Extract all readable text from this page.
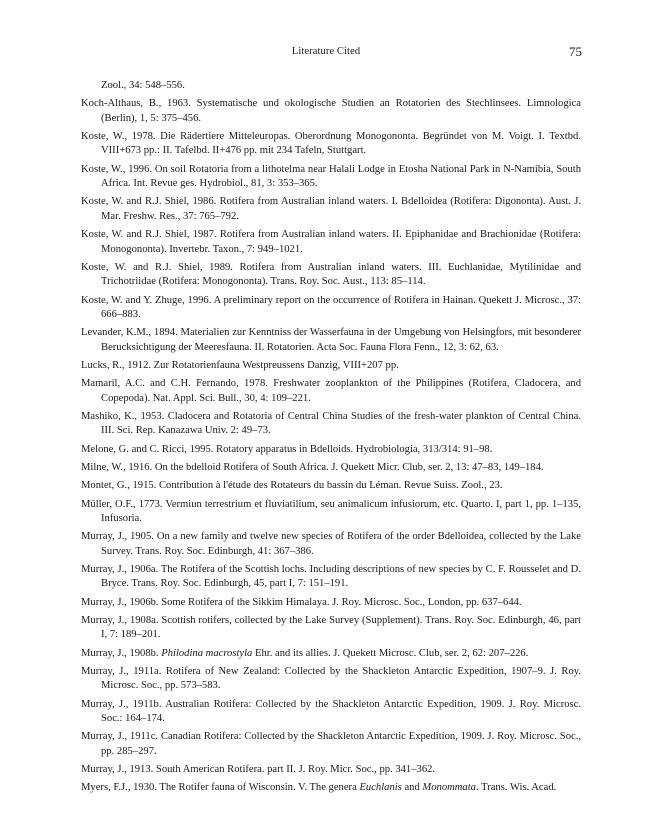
Literature Cited	75

Zool., 34: 548–556.

Koch-Althaus, B., 1963. Systematische und okologische Studien an Rotatorien des Stechlinsees. Limnologica (Berlin), 1, 5: 375–456.

Koste, W., 1978. Die Rädertiere Mitteleuropas. Oberordnung Monogononta. Begründet von M. Voigt. I. Textbd. VIII+673 pp.: II. Tafelbd. II+476 pp. mit 234 Tafeln, Stuttgart.

Koste, W., 1996. On soil Rotatoria from a lithotelma near Halali Lodge in Etosha National Park in N-Namibia, South Africa. Int. Revue ges. Hydrobiol., 81, 3: 353–365.

Koste, W. and R.J. Shiel, 1986. Rotifera from Australian inland waters. I. Bdelloidea (Rotifera: Digononta). Aust. J. Mar. Freshw. Res., 37: 765–792.

Koste, W. and R.J. Shiel, 1987. Rotifera from Australian inland waters. II. Epiphanidae and Brachionidae (Rotifera: Monogononta). Invertebr. Taxon., 7: 949–1021.

Koste, W. and R.J. Shiel, 1989. Rotifera from Australian inland waters. III. Euchlanidae, Mytilinidae and Trichotriidae (Rotifera: Monogononta). Trans. Roy. Soc. Aust., 113: 85–114.

Koste, W. and Y. Zhuge, 1996. A preliminary report on the occurrence of Rotifera in Hainan. Quekett J. Microsc., 37: 666–883.

Levander, K.M., 1894. Materialien zur Kenntniss der Wasserfauna in der Umgebung von Helsingfors, mit besonderer Berucksichtigung der Meeresfauna. II. Rotatorien. Acta Soc. Fauna Flora Fenn., 12, 3: 62, 63.

Lucks, R., 1912. Zur Rotatorienfauna Westpreussens Danzig, VIII+207 pp.

Mamaril, A.C. and C.H. Fernando, 1978. Freshwater zooplankton of the Philippines (Rotifera, Cladocera, and Copepoda). Nat. Appl. Sci. Bull., 30, 4: 109–221.

Mashiko, K., 1953. Cladocera and Rotatoria of Central China Studies of the fresh-water plankton of Central China. III. Sci. Rep. Kanazawa Univ. 2: 49–73.

Melone, G. and C. Ricci, 1995. Rotatory apparatus in Bdelloids. Hydrobiologia, 313/314: 91–98.

Milne, W., 1916. On the bdelloid Rotifera of South Africa. J. Quekett Micr. Club, ser. 2, 13: 47–83, 149–184.

Montet, G., 1915. Contribution à l'étude des Rotateurs du bassin du Léman. Revue Suiss. Zool., 23.

Müller, O.F., 1773. Vermiun terrestrium et fluviatilium, seu animalicum infusiorum, etc. Quarto. I, part 1, pp. 1–135, Infusoria.

Murray, J., 1905. On a new family and twelve new species of Rotifera of the order Bdelloidea, collected by the Lake Survey. Trans. Roy. Soc. Edinburgh, 41: 367–386.

Murray, J., 1906a. The Rotifera of the Scottish lochs. Including descriptions of new species by C. F. Rousselet and D. Bryce. Trans. Roy. Soc. Edinburgh, 45, part I, 7: 151–191.

Murray, J., 1906b. Some Rotifera of the Sikkim Himalaya. J. Roy. Microsc. Soc., London, pp. 637–644.

Murray, J., 1908a. Scottish rotifers, collected by the Lake Survey (Supplement). Trans. Roy. Soc. Edinburgh, 46, part I, 7: 189–201.

Murray, J., 1908b. Philodina macrostyla Ehr. and its allies. J. Quekett Microsc. Club, ser. 2, 62: 207–226.

Murray, J., 1911a. Rotifera of New Zealand: Collected by the Shackleton Antarctic Expedition, 1907–9. J. Roy. Microsc. Soc., pp. 573–583.

Murray, J., 1911b. Australian Rotifera: Collected by the Shackleton Antarctic Expedition, 1909. J. Roy. Microsc. Soc.: 164–174.

Murray, J., 1911c. Canadian Rotifera: Collected by the Shackleton Antarctic Expedition, 1909. J. Roy. Microsc. Soc., pp. 285–297.

Murray, J., 1913. South American Rotifera. part II. J. Roy. Micr. Soc., pp. 341–362.

Myers, F.J., 1930. The Rotifer fauna of Wisconsin. V. The genera Euchlanis and Monommata. Trans. Wis. Acad.
